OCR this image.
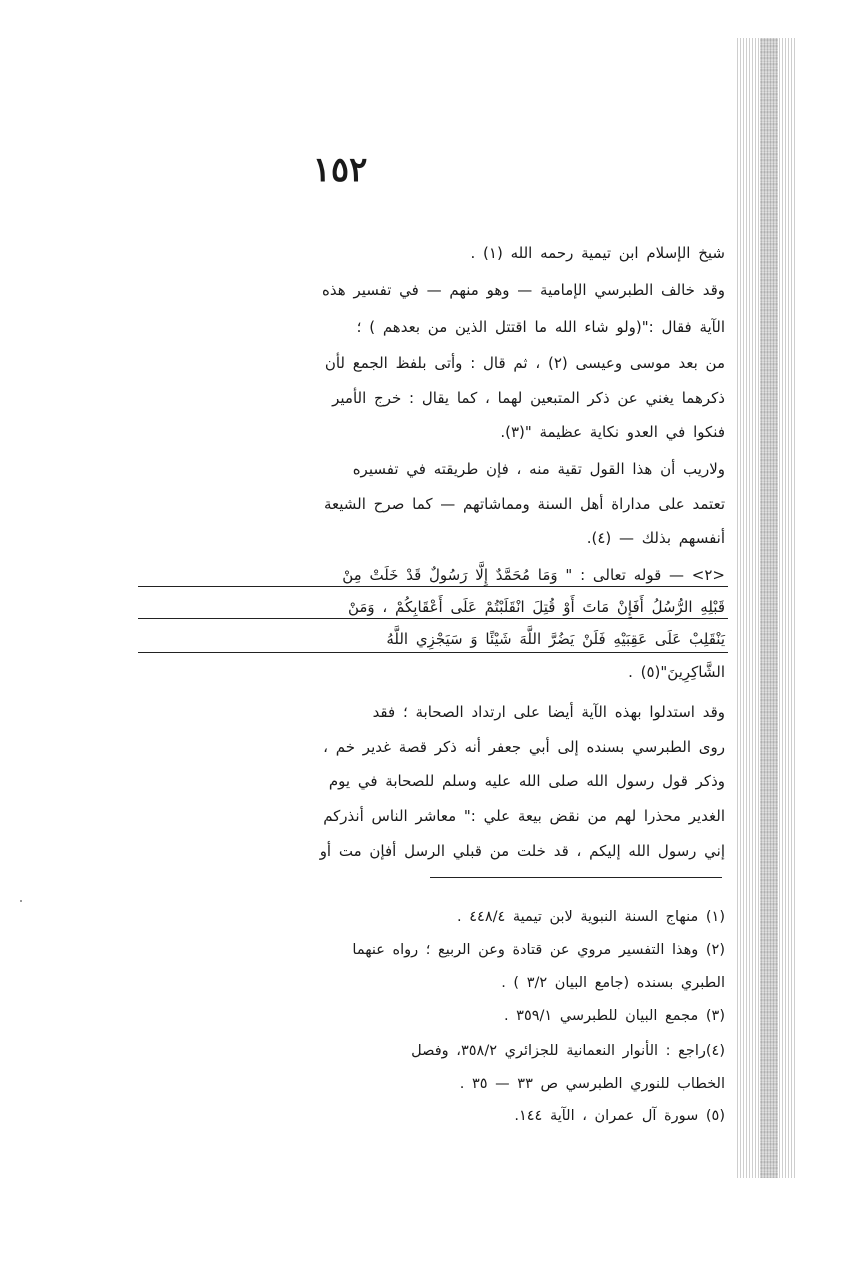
١٥٢
شيخ الإسلام ابن تيمية رحمه الله (١) .
وقد خالف الطبرسي الإمامية — وهو منهم — في تفسير هذه
الآية فقال :"(ولو شاء الله ما اقتتل الذين من بعدهم ) ؛
من بعد موسى وعيسى (٢) ، ثم قال : وأتى بلفظ الجمع لأن
ذكرهما يغني عن ذكر المتبعين لهما ، كما يقال : خرج الأمير
فنكوا في العدو نكاية عظيمة "(٣).
ولاريب أن هذا القول تقية منه ، فإن طريقته في تفسيره
تعتمد على مداراة أهل السنة ومماشاتهم — كما صرح الشيعة
أنفسهم بذلك — (٤).
<٢> — قوله تعالى : " وَمَا مُحَمَّدٌ إِلَّا رَسُولٌ قَدْ خَلَتْ مِنْ
قَبْلِهِ الرُّسُلُ أَفَإِنْ مَاتَ أَوْ قُتِلَ انْقَلَبْتُمْ عَلَى أَعْقَابِكُمْ ، وَمَنْ
يَنْقَلِبْ عَلَى عَقِبَيْهِ فَلَنْ يَضُرَّ اللَّهَ شَيْئًا وَ سَيَجْزِي اللَّهُ
الشَّاكِرِينَ"(٥) .
وقد استدلوا بهذه الآية أيضا على ارتداد الصحابة ؛ فقد
روى الطبرسي بسنده إلى أبي جعفر أنه ذكر قصة غدير خم ،
وذكر قول رسول الله صلى الله عليه وسلم للصحابة في يوم
الغدير محذرا لهم من نقض بيعة علي :" معاشر الناس أنذركم
إني رسول الله إليكم ، قد خلت من قبلي الرسل أفإن مت أو
(١) منهاج السنة النبوية لابن تيمية ٤٤٨/٤ .
(٢) وهذا التفسير مروي عن قتادة وعن الربيع ؛ رواه عنهما
الطبري بسنده (جامع البيان ٣/٢ ) .
(٣) مجمع البيان للطبرسي ٣٥٩/١ .
(٤)راجع : الأنوار النعمانية للجزائري ٣٥٨/٢، وفصل
الخطاب للنوري الطبرسي ص ٣٣ — ٣٥ .
(٥) سورة آل عمران ، الآية ١٤٤.
